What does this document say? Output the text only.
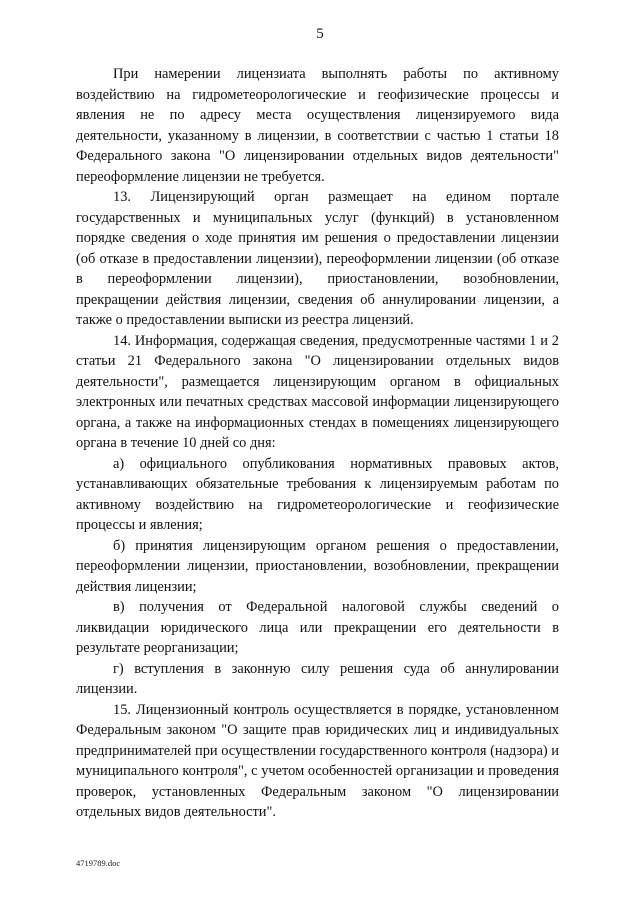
5

При намерении лицензиата выполнять работы по активному воздействию на гидрометеорологические и геофизические процессы и явления не по адресу места осуществления лицензируемого вида деятельности, указанному в лицензии, в соответствии с частью 1 статьи 18 Федерального закона "О лицензировании отдельных видов деятельности" переоформление лицензии не требуется.

13. Лицензирующий орган размещает на едином портале государственных и муниципальных услуг (функций) в установленном порядке сведения о ходе принятия им решения о предоставлении лицензии (об отказе в предоставлении лицензии), переоформлении лицензии (об отказе в переоформлении лицензии), приостановлении, возобновлении, прекращении действия лицензии, сведения об аннулировании лицензии, а также о предоставлении выписки из реестра лицензий.

14. Информация, содержащая сведения, предусмотренные частями 1 и 2 статьи 21 Федерального закона "О лицензировании отдельных видов деятельности", размещается лицензирующим органом в официальных электронных или печатных средствах массовой информации лицензирующего органа, а также на информационных стендах в помещениях лицензирующего органа в течение 10 дней со дня:

а) официального опубликования нормативных правовых актов, устанавливающих обязательные требования к лицензируемым работам по активному воздействию на гидрометеорологические и геофизические процессы и явления;

б) принятия лицензирующим органом решения о предоставлении, переоформлении лицензии, приостановлении, возобновлении, прекращении действия лицензии;

в) получения от Федеральной налоговой службы сведений о ликвидации юридического лица или прекращении его деятельности в результате реорганизации;

г) вступления в законную силу решения суда об аннулировании лицензии.

15. Лицензионный контроль осуществляется в порядке, установленном Федеральным законом "О защите прав юридических лиц и индивидуальных предпринимателей при осуществлении государственного контроля (надзора) и муниципального контроля", с учетом особенностей организации и проведения проверок, установленных Федеральным законом "О лицензировании отдельных видов деятельности".

4719789.doc
